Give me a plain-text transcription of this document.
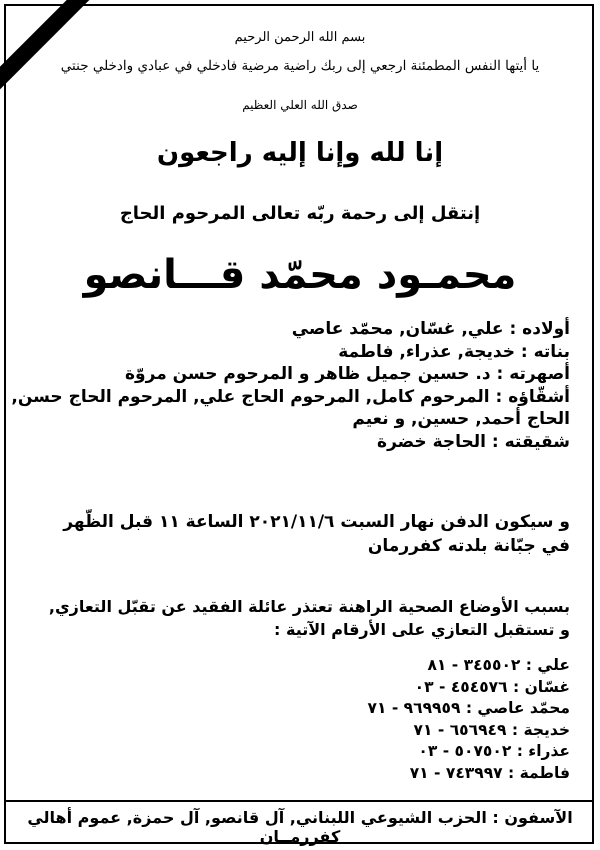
بسم الله الرحمن الرحيم
يا أيتها النفس المطمئنة ارجعي إلى ربك راضية مرضية فادخلي في عبادي وادخلي جنتي
صدق الله العلي العظيم
إنا لله وإنا إليه راجعون
إنتقل إلى رحمة ربّه تعالى المرحوم الحاج
محمـود محمّد قـــانصو
أولاده : علي, غسّان, محمّد عاصي
بناته : خديجة, عذراء, فاطمة
أصهرته : د. حسين جميل ظاهر و المرحوم حسن مروّة
أشقّاؤه : المرحوم كامل, المرحوم الحاج علي, المرحوم الحاج حسن,
الحاج أحمد, حسين, و نعيم
شقيقته : الحاجة خضرة
و سيكون الدفن نهار السبت ٢٠٢١/١١/٦ الساعة ١١ قبل الظّهر
في جبّانة بلدته كفررمان
بسبب الأوضاع الصحية الراهنة تعتذر عائلة الفقيد عن تقبّل التعازي,
و تستقبل التعازي على الأرقام الآتية :
علي : ٣٤٥٥٠٢ - ٨١
غسّان : ٤٥٤٥٧٦ - ٠٣
محمّد عاصي : ٩٦٩٩٥٩ - ٧١
خديجة : ٦٥٦٩٤٩ - ٧١
عذراء : ٥٠٧٥٠٢ - ٠٣
فاطمة : ٧٤٣٩٩٧ - ٧١
الآسفون : الحزب الشيوعي اللبناني, آل قانصو, آل حمزة, عموم أهالي كفررمــان
